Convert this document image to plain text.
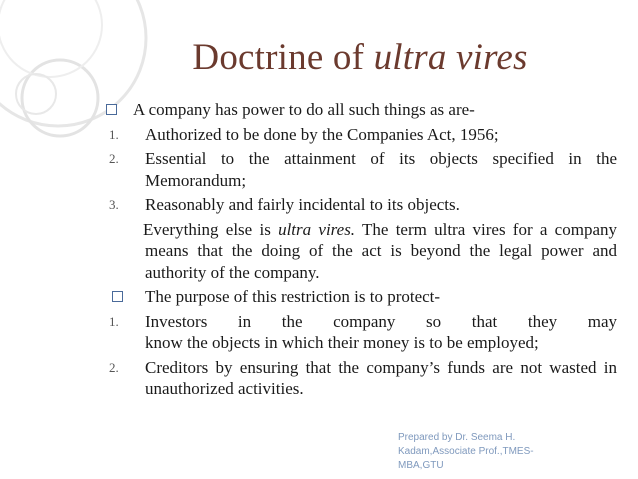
Doctrine of ultra vires
A company has power to do all such things as are-
1.	Authorized to be done by the Companies Act, 1956;
2.	Essential to the attainment of its objects specified in the Memorandum;
3.	Reasonably and fairly incidental to its objects.
Everything else is ultra vires. The term ultra vires for a company means that the doing of the act is beyond the legal power and authority of the company.
The purpose of this restriction is to protect-
1.	Investors in the company so that they may
know the objects in which their money is to be employed;
2.	Creditors by ensuring that the company’s funds are not wasted in unauthorized activities.
Prepared by Dr. Seema H. Kadam,Associate Prof.,TMES-MBA,GTU
